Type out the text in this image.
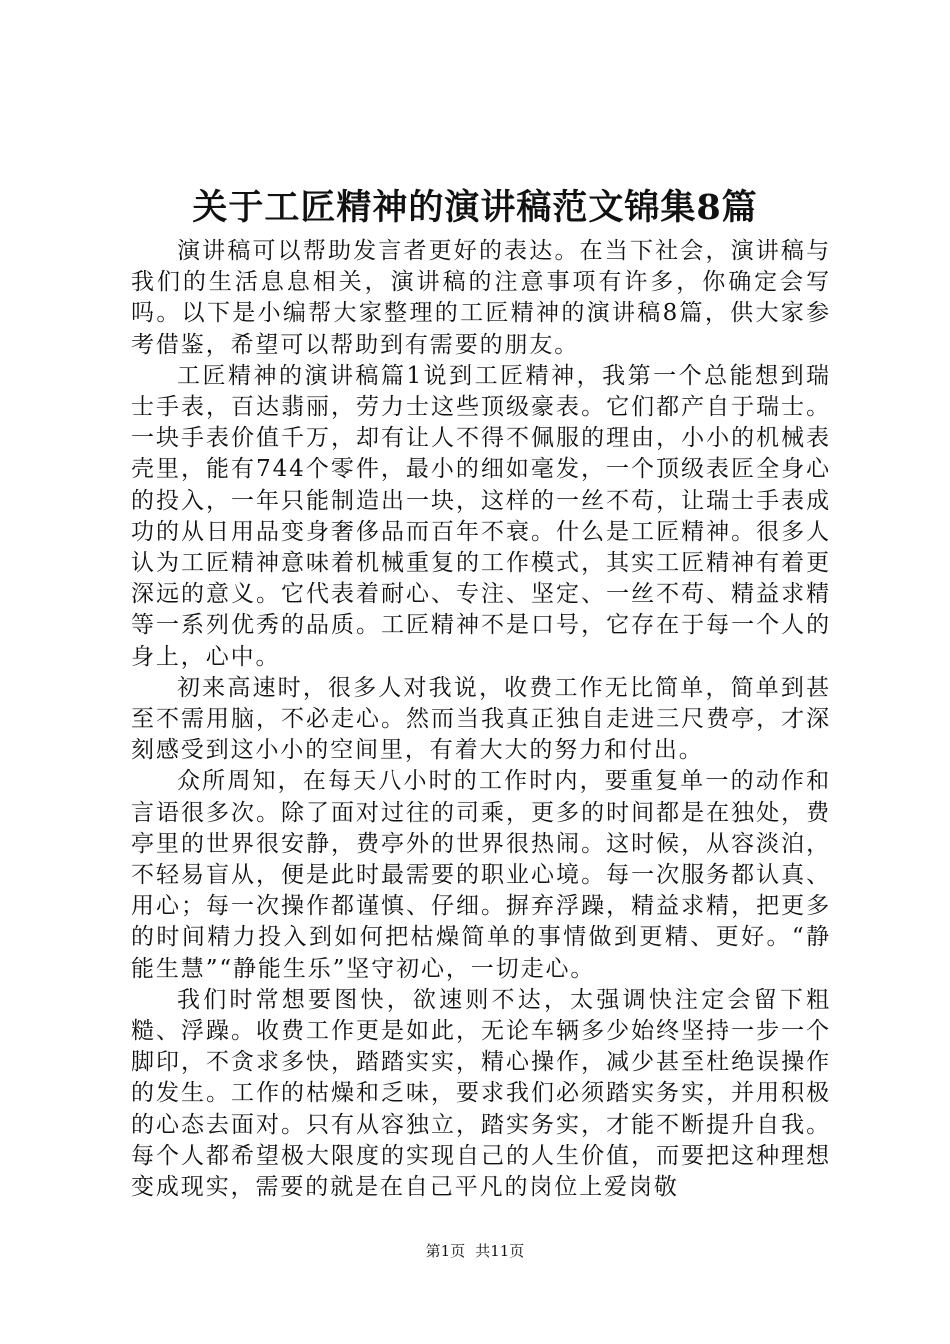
关于工匠精神的演讲稿范文锦集8篇

演讲稿可以帮助发言者更好的表达。在当下社会，演讲稿与我们的生活息息相关，演讲稿的注意事项有许多，你确定会写吗。以下是小编帮大家整理的工匠精神的演讲稿8篇，供大家参考借鉴，希望可以帮助到有需要的朋友。

工匠精神的演讲稿篇1说到工匠精神，我第一个总能想到瑞士手表，百达翡丽，劳力士这些顶级豪表。它们都产自于瑞士。一块手表价值千万，却有让人不得不佩服的理由，小小的机械表壳里，能有744个零件，最小的细如毫发，一个顶级表匠全身心的投入，一年只能制造出一块，这样的一丝不苟，让瑞士手表成功的从日用品变身奢侈品而百年不衰。什么是工匠精神。很多人认为工匠精神意味着机械重复的工作模式，其实工匠精神有着更深远的意义。它代表着耐心、专注、坚定、一丝不苟、精益求精等一系列优秀的品质。工匠精神不是口号，它存在于每一个人的身上，心中。

初来高速时，很多人对我说，收费工作无比简单，简单到甚至不需用脑，不必走心。然而当我真正独自走进三尺费亭，才深刻感受到这小小的空间里，有着大大的努力和付出。

众所周知，在每天八小时的工作时内，要重复单一的动作和言语很多次。除了面对过往的司乘，更多的时间都是在独处，费亭里的世界很安静，费亭外的世界很热闹。这时候，从容淡泊，不轻易盲从，便是此时最需要的职业心境。每一次服务都认真、用心；每一次操作都谨慎、仔细。摒弃浮躁，精益求精，把更多的时间精力投入到如何把枯燥简单的事情做到更精、更好。“静能生慧”“静能生乐”坚守初心，一切走心。

我们时常想要图快，欲速则不达，太强调快注定会留下粗糙、浮躁。收费工作更是如此，无论车辆多少始终坚持一步一个脚印，不贪求多快，踏踏实实，精心操作，减少甚至杜绝误操作的发生。工作的枯燥和乏味，要求我们必须踏实务实，并用积极的心态去面对。只有从容独立，踏实务实，才能不断提升自我。每个人都希望极大限度的实现自己的人生价值，而要把这种理想变成现实，需要的就是在自己平凡的岗位上爱岗敬

第1页 共11页
